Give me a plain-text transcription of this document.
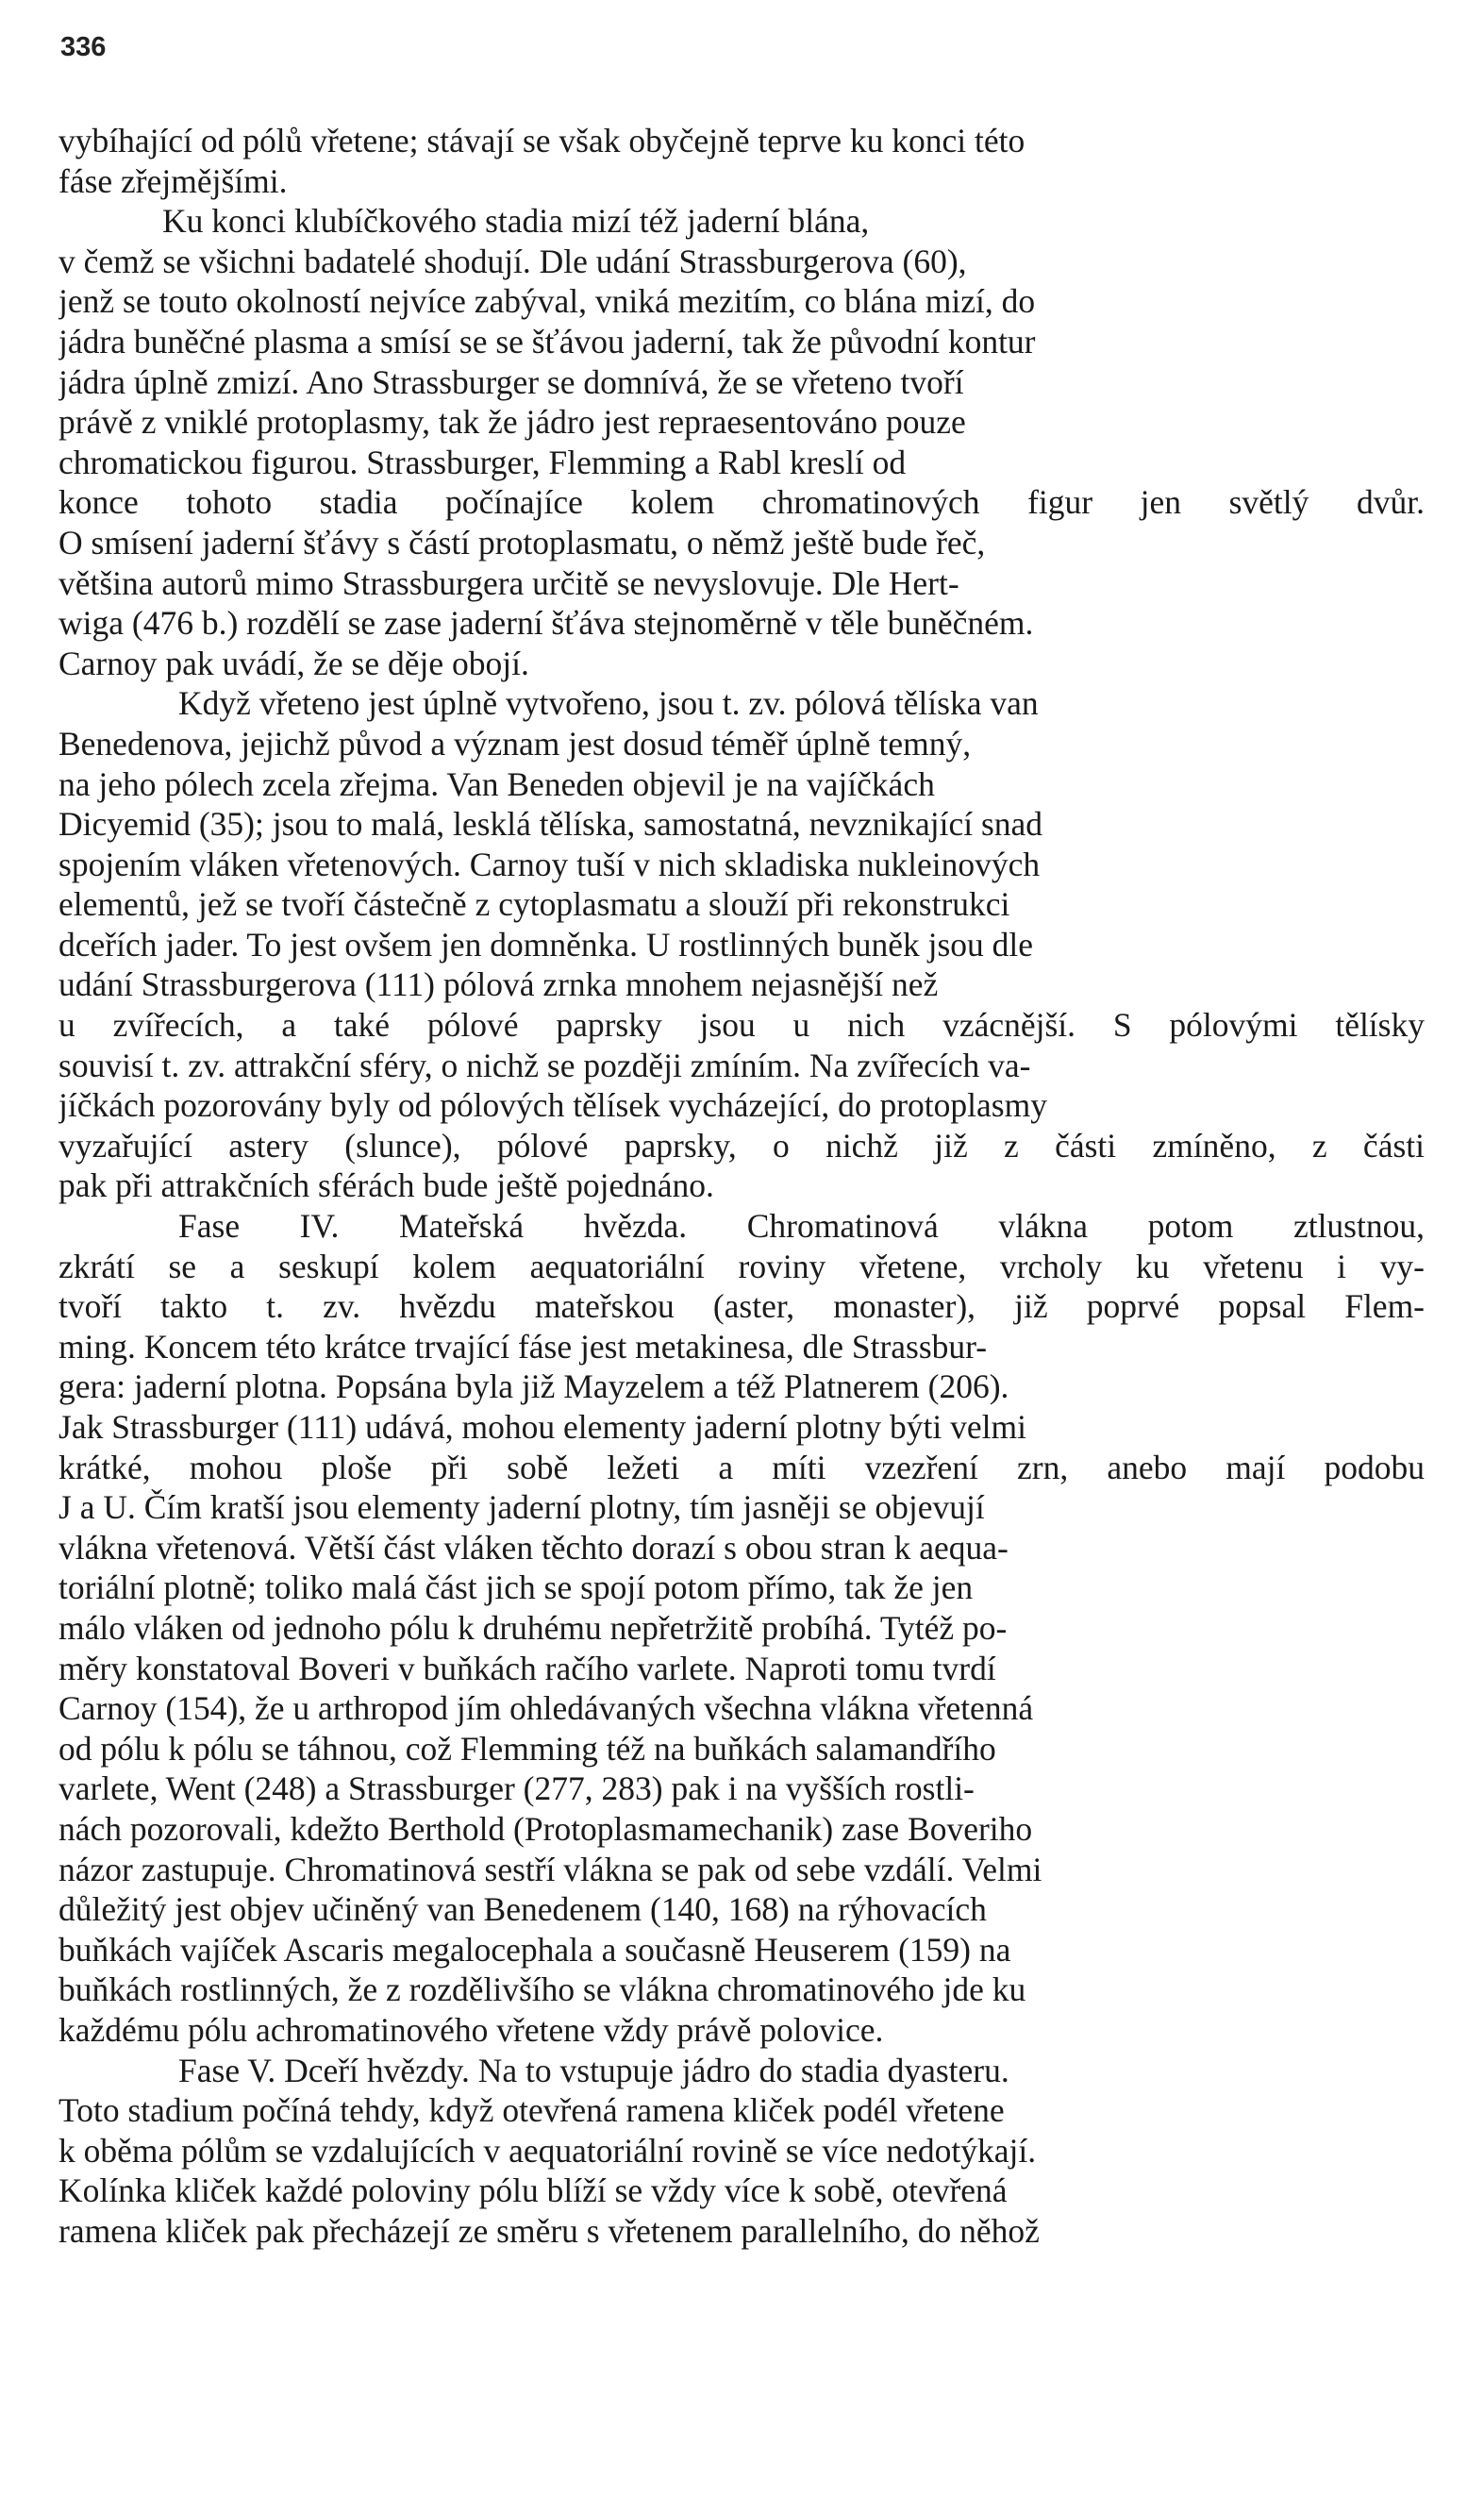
336
vybíhající od pólů vřetene; stávají se však obyčejně teprve ku konci této
fáse zřejmějšími.
Ku konci klubíčkového stadia mizí též jaderní blána,
v čemž se všichni badatelé shodují. Dle udání Strassburgerova (60),
jenž se touto okolností nejvíce zabýval, vniká mezitím, co blána mizí, do
jádra buněčné plasma a smísí se se šťávou jaderní, tak že původní kontur
jádra úplně zmizí. Ano Strassburger se domnívá, že se vřeteno tvoří
právě z vniklé protoplasmy, tak že jádro jest repraesentováno pouze
chromatickou figurou. Strassburger, Flemming a Rabl kreslí od
konce tohoto stadia počínajíce kolem chromatinových figur jen světlý dvůr.
O smísení jaderní šťávy s částí protoplasmatu, o němž ještě bude řeč,
většina autorů mimo Strassburgera určitě se nevyslovuje. Dle Hert-
wiga (476 b.) rozdělí se zase jaderní šťáva stejnoměrně v těle buněčném.
Carnoy pak uvádí, že se děje obojí.
Když vřeteno jest úplně vytvořeno, jsou t. zv. pólová tělíska van
Benedenova, jejichž původ a význam jest dosud téměř úplně temný,
na jeho pólech zcela zřejma. Van Beneden objevil je na vajíčkách
Dicyemid (35); jsou to malá, lesklá tělíska, samostatná, nevznikající snad
spojením vláken vřetenových. Carnoy tuší v nich skladiska nukleinových
elementů, jež se tvoří částečně z cytoplasmatu a slouží při rekonstrukci
dceřích jader. To jest ovšem jen domněnka. U rostlinných buněk jsou dle
udání Strassburgerova (111) pólová zrnka mnohem nejasnější než
u zvířecích, a také pólové paprsky jsou u nich vzácnější. S pólovými tělísky
souvisí t. zv. attrakční sféry, o nichž se později zmíním. Na zvířecích va-
jíčkách pozorovány byly od pólových tělísek vycházející, do protoplasmy
vyzařující astery (slunce), pólové paprsky, o nichž již z části zmíněno, z části
pak při attrakčních sférách bude ještě pojednáno.
Fase IV. Mateřská hvězda. Chromatinová vlákna potom ztlustnou,
zkrátí se a seskupí kolem aequatoriální roviny vřetene, vrcholy ku vřetenu i vy-
tvoří takto t. zv. hvězdu mateřskou (aster, monaster), již poprvé popsal Flem-
ming. Koncem této krátce trvající fáse jest metakinesa, dle Strassbur-
gera: jaderní plotna. Popsána byla již Mayzelem a též Platnerem (206).
Jak Strassburger (111) udává, mohou elementy jaderní plotny býti velmi
krátké, mohou ploše při sobě ležeti a míti vzezření zrn, anebo mají podobu
J a U. Čím kratší jsou elementy jaderní plotny, tím jasněji se objevují
vlákna vřetenová. Větší část vláken těchto dorazí s obou stran k aequa-
toriální plotně; toliko malá část jich se spojí potom přímo, tak že jen
málo vláken od jednoho pólu k druhému nepřetržitě probíhá. Tytéž po-
měry konstatoval Boveri v buňkách račího varlete. Naproti tomu tvrdí
Carnoy (154), že u arthropod jím ohledávaných všechna vlákna vřetenná
od pólu k pólu se táhnou, což Flemming též na buňkách salamandřího
varlete, Went (248) a Strassburger (277, 283) pak i na vyšších rostli-
nách pozorovali, kdežto Berthold (Protoplasmamechanik) zase Boveriho
názor zastupuje. Chromatinová sestří vlákna se pak od sebe vzdálí. Velmi
důležitý jest objev učiněný van Benedenem (140, 168) na rýhovacích
buňkách vajíček Ascaris megalocephala a současně Heuserem (159) na
buňkách rostlinných, že z rozdělivšího se vlákna chromatinového jde ku
každému pólu achromatinového vřetene vždy právě polovice.
Fase V. Dceří hvězdy. Na to vstupuje jádro do stadia dyasteru.
Toto stadium počíná tehdy, když otevřená ramena kliček podél vřetene
k oběma pólům se vzdalujících v aequatoriální rovině se více nedotýkají.
Kolínka kliček každé poloviny pólu blíží se vždy více k sobě, otevřená
ramena kliček pak přecházejí ze směru s vřetenem parallelního, do něhož
